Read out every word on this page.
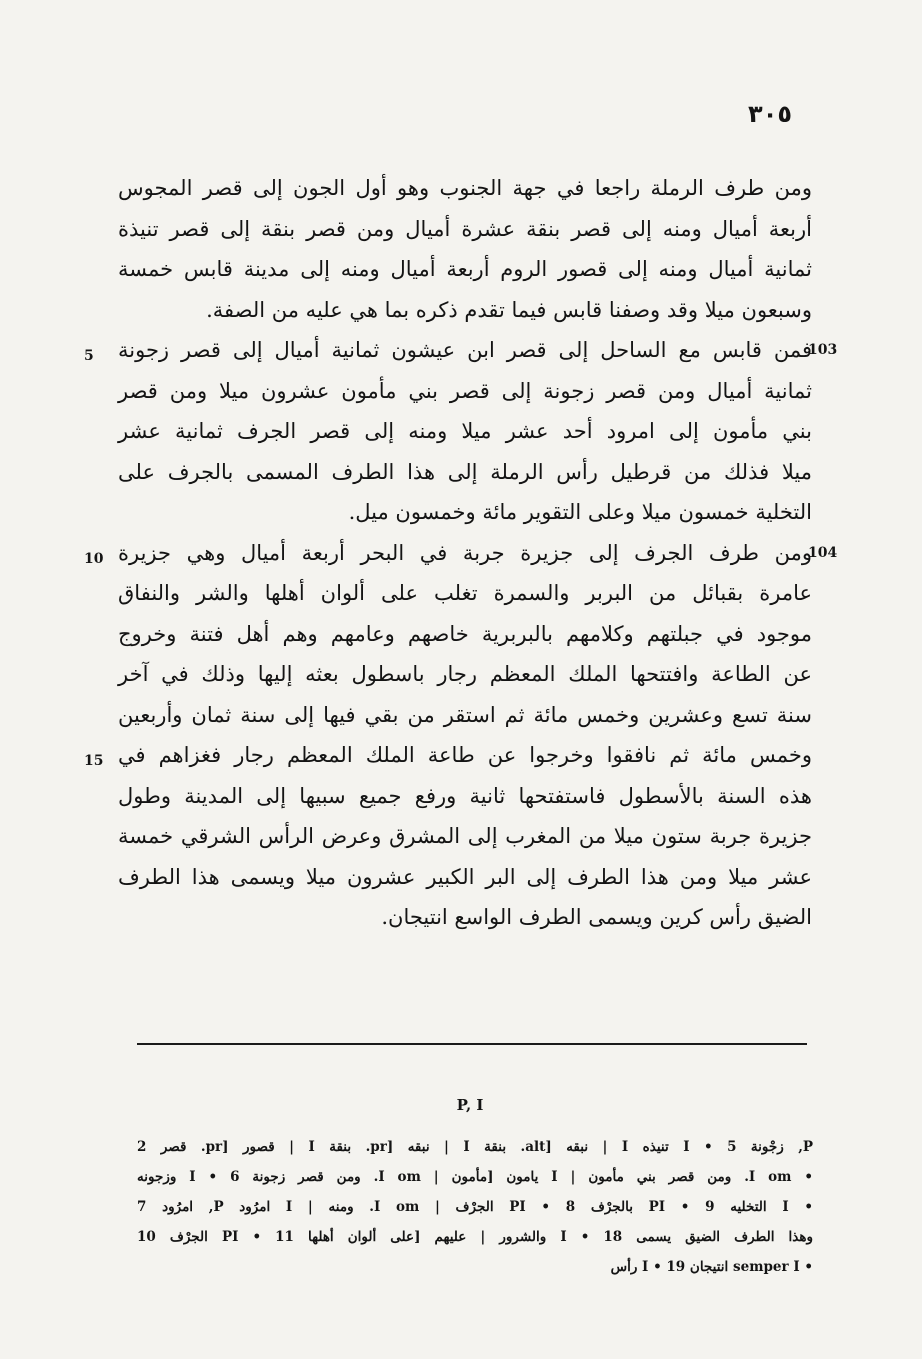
٣٠٥
ومن طرف الرملة راجعا في جهة الجنوب وهو أول الجون إلى قصر المجوس
أربعة أميال ومنه إلى قصر بنقة عشرة أميال ومن قصر بنقة إلى قصر تنيذة
ثمانية أميال ومنه إلى قصور الروم أربعة أميال ومنه إلى مدينة قابس خمسة
وسبعون ميلا وقد وصفنا قابس فيما تقدم ذكره بما هي عليه من الصفة.
103
5 فمن قابس مع الساحل إلى قصر ابن عيشون ثمانية أميال إلى قصر زجونة
ثمانية أميال ومن قصر زجونة إلى قصر بني مأمون عشرون ميلا ومن قصر
بني مأمون إلى امرود أحد عشر ميلا ومنه إلى قصر الجرف ثمانية عشر
ميلا فذلك من قرطيل رأس الرملة إلى هذا الطرف المسمى بالجرف على
التخلية خمسون ميلا وعلى التقوير مائة وخمسون ميل.
104
10 ومن طرف الجرف إلى جزيرة جربة في البحر أربعة أميال وهي جزيرة
عامرة بقبائل من البربر والسمرة تغلب على ألوان أهلها والشر والنفاق
موجود في جبلتهم وكلامهم بالبربرية خاصهم وعامهم وهم أهل فتنة وخروج
عن الطاعة وافتتحها الملك المعظم رجار باسطول بعثه إليها وذلك في آخر
سنة تسع وعشرين وخمس مائة ثم استقر من بقي فيها إلى سنة ثمان وأربعين
15 وخمس مائة ثم نافقوا وخرجوا عن طاعة الملك المعظم رجار فغزاهم في
هذه السنة بالأسطول فاستفتحها ثانية ورفع جميع سبيها إلى المدينة وطول
جزيرة جربة ستون ميلا من المغرب إلى المشرق وعرض الرأس الشرقي خمسة
عشر ميلا ومن هذا الطرف إلى البر الكبير عشرون ميلا ويسمى هذا الطرف
الضيق رأس كرين ويسمى الطرف الواسع انتيجان.
P, I
P, زجْونة 5 • I تنيذه I | نبقه [alt. بنقة I | نبقه [pr. بنقة I | قصور [pr. قصر 2
• I om. ومن قصر بني مأمون | I يامون [مأمون | I om. ومن قصر زجونة 6 • I وزجونه
• I التخليه 9 • PI بالجرْف 8 • PI الجرْف | I om. ومنه | I امرُود P, امرُود 7
وهذا الطرف الضيق يسمى 18 • I والشرور | عليهم [على ألوان أهلها 11 • PI الجرْف 10
• semper I انتيجان 19 • I رأس
